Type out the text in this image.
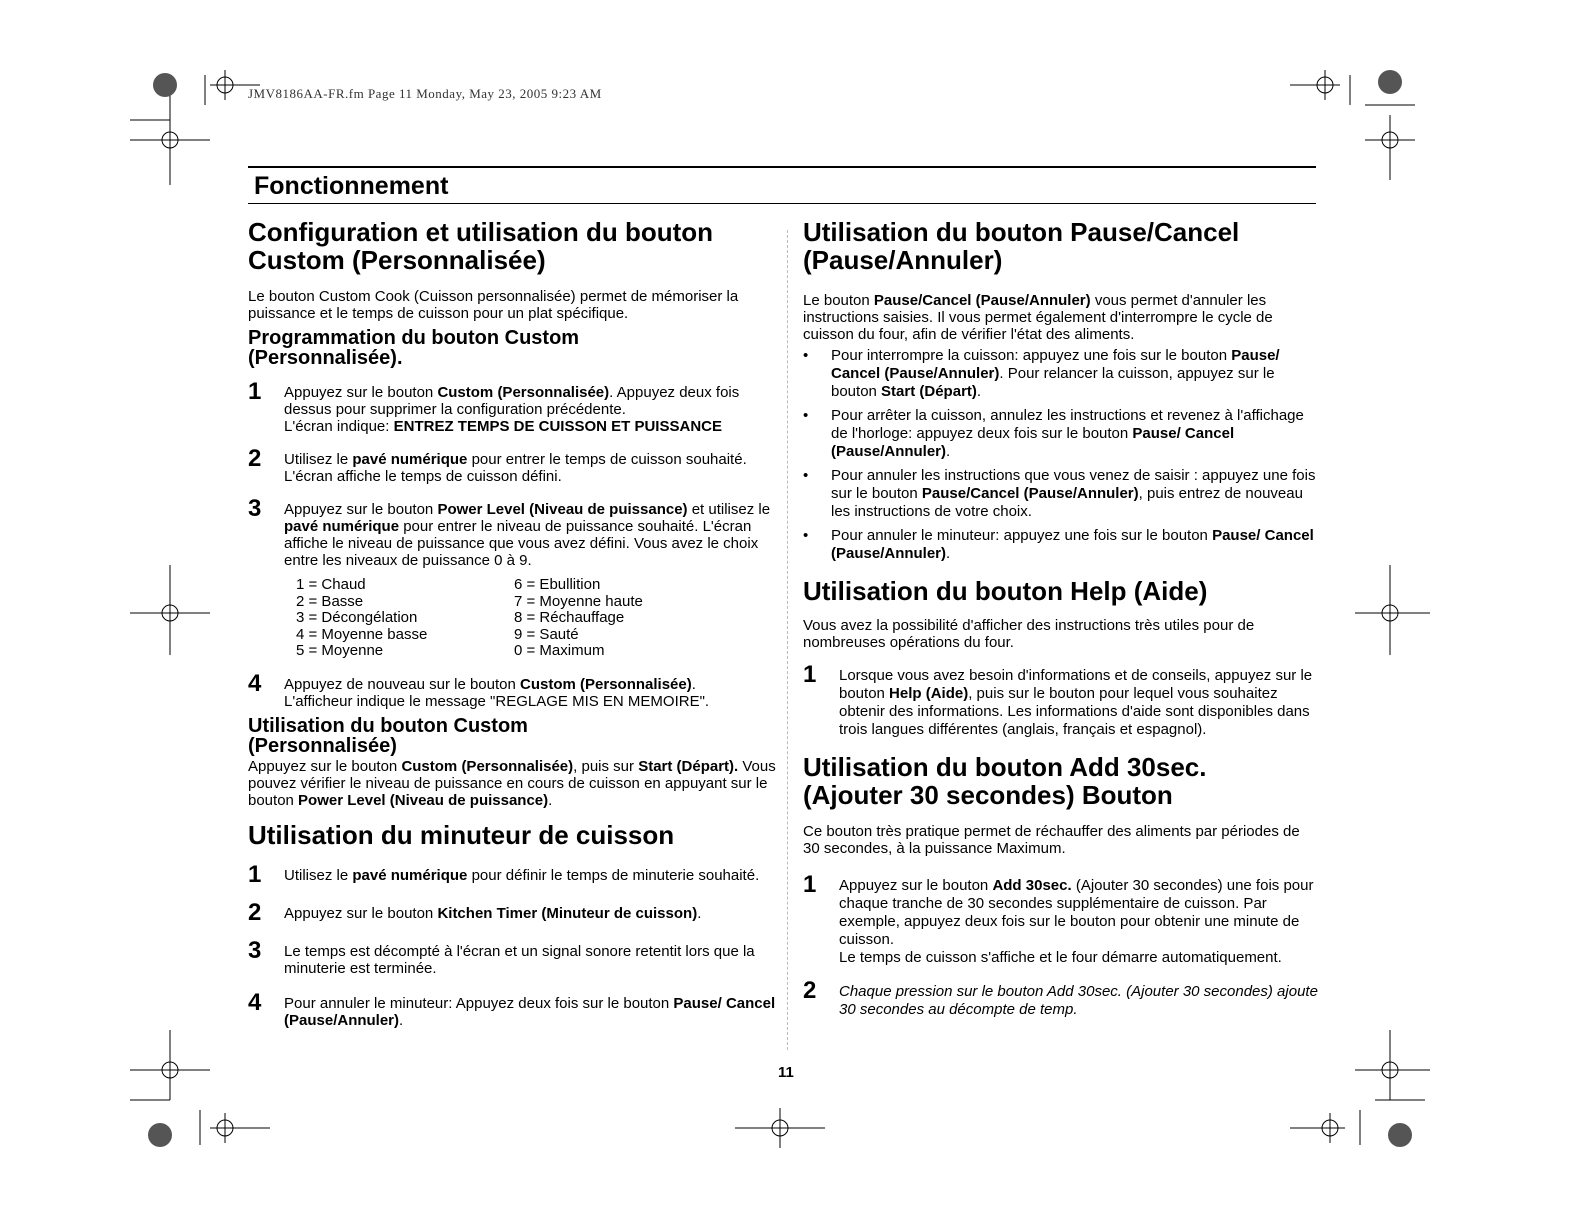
JMV8186AA-FR.fm Page 11 Monday, May 23, 2005 9:23 AM
Fonctionnement
Configuration et utilisation du bouton
Custom (Personnalisée)

Le bouton Custom Cook (Cuisson personnalisée) permet de mémoriser la puissance et le temps de cuisson pour un plat spécifique.

Programmation du bouton Custom
(Personnalisée).
1	Appuyez sur le bouton Custom (Personnalisée). Appuyez deux fois dessus pour supprimer la configuration précédente.
L'écran indique: ENTREZ TEMPS DE CUISSON ET PUISSANCE
2	Utilisez le pavé numérique pour entrer le temps de cuisson souhaité. L'écran affiche le temps de cuisson défini.
3	Appuyez sur le bouton Power Level (Niveau de puissance) et utilisez le pavé numérique pour entrer le niveau de puissance souhaité. L'écran affiche le niveau de puissance que vous avez défini. Vous avez le choix entre les niveaux de puissance 0 à 9.
1 = Chaud	6 = Ebullition
2 = Basse	7 = Moyenne haute
3 = Décongélation	8 = Réchauffage
4 = Moyenne basse	9 = Sauté
5 = Moyenne	0 = Maximum
4	Appuyez de nouveau sur le bouton Custom (Personnalisée).
L'afficheur indique le message "REGLAGE MIS EN MEMOIRE".
Utilisation du bouton Custom
(Personnalisée)

Appuyez sur le bouton Custom (Personnalisée), puis sur Start (Départ). Vous pouvez vérifier le niveau de puissance en cours de cuisson en appuyant sur le bouton Power Level (Niveau de puissance).

Utilisation du minuteur de cuisson
1	Utilisez le pavé numérique pour définir le temps de minuterie souhaité.
2	Appuyez sur le bouton Kitchen Timer (Minuteur de cuisson).
3	Le temps est décompté à l'écran et un signal sonore retentit lors que la minuterie est terminée.
4	Pour annuler le minuteur: Appuyez deux fois sur le bouton Pause/ Cancel (Pause/Annuler).
Utilisation du bouton Pause/Cancel
(Pause/Annuler)

Le bouton Pause/Cancel (Pause/Annuler) vous permet d'annuler les instructions saisies. Il vous permet également d'interrompre le cycle de cuisson du four, afin de vérifier l'état des aliments.

• Pour interrompre la cuisson: appuyez une fois sur le bouton Pause/ Cancel (Pause/Annuler). Pour relancer la cuisson, appuyez sur le bouton Start (Départ).
• Pour arrêter la cuisson, annulez les instructions et revenez à l'affichage de l'horloge: appuyez deux fois sur le bouton Pause/ Cancel (Pause/Annuler).
• Pour annuler les instructions que vous venez de saisir : appuyez une fois sur le bouton Pause/Cancel (Pause/Annuler), puis entrez de nouveau les instructions de votre choix.
• Pour annuler le minuteur: appuyez une fois sur le bouton Pause/ Cancel (Pause/Annuler).
Utilisation du bouton Help (Aide)

Vous avez la possibilité d'afficher des instructions très utiles pour de nombreuses opérations du four.

1	Lorsque vous avez besoin d'informations et de conseils, appuyez sur le bouton Help (Aide), puis sur le bouton pour lequel vous souhaitez obtenir des informations. Les informations d'aide sont disponibles dans trois langues différentes (anglais, français et espagnol).
Utilisation du bouton Add 30sec.
(Ajouter 30 secondes) Bouton

Ce bouton très pratique permet de réchauffer des aliments par périodes de 30 secondes, à la puissance Maximum.

1	Appuyez sur le bouton Add 30sec. (Ajouter 30 secondes) une fois pour chaque tranche de 30 secondes supplémentaire de cuisson. Par exemple, appuyez deux fois sur le bouton pour obtenir une minute de cuisson.
Le temps de cuisson s'affiche et le four démarre automatiquement.
2	Chaque pression sur le bouton Add 30sec. (Ajouter 30 secondes) ajoute 30 secondes au décompte de temp.
11
